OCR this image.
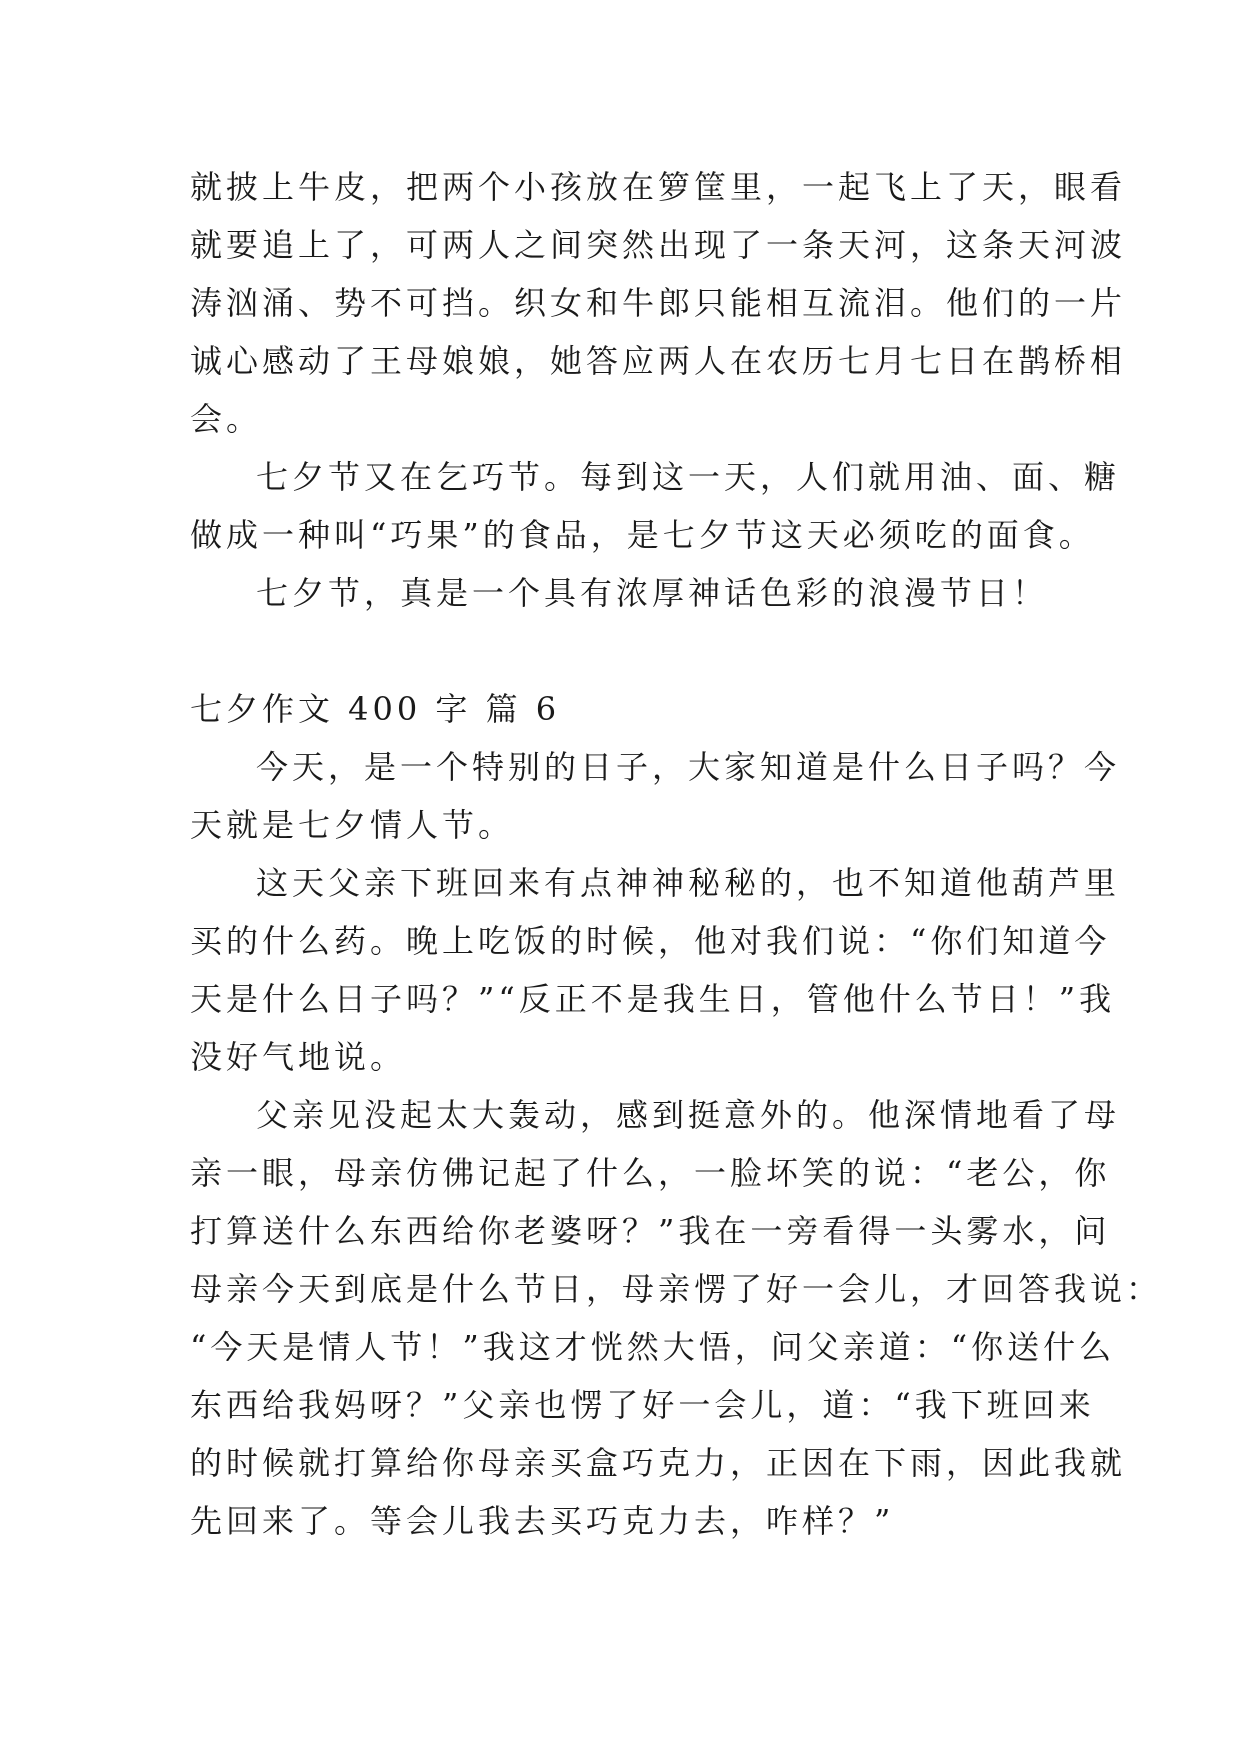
就披上牛皮，把两个小孩放在箩筐里，一起飞上了天，眼看
就要追上了，可两人之间突然出现了一条天河，这条天河波
涛汹涌、势不可挡。织女和牛郎只能相互流泪。他们的一片
诚心感动了王母娘娘，她答应两人在农历七月七日在鹊桥相
会。
七夕节又在乞巧节。每到这一天，人们就用油、面、糖
做成一种叫“巧果”的食品，是七夕节这天必须吃的面食。
七夕节，真是一个具有浓厚神话色彩的浪漫节日！
七夕作文 400 字 篇 6
今天，是一个特别的日子，大家知道是什么日子吗？今
天就是七夕情人节。
这天父亲下班回来有点神神秘秘的，也不知道他葫芦里
买的什么药。晚上吃饭的时候，他对我们说：“你们知道今
天是什么日子吗？”“反正不是我生日，管他什么节日！”我
没好气地说。
父亲见没起太大轰动，感到挺意外的。他深情地看了母
亲一眼，母亲仿佛记起了什么，一脸坏笑的说：“老公，你
打算送什么东西给你老婆呀？”我在一旁看得一头雾水，问
母亲今天到底是什么节日，母亲愣了好一会儿，才回答我说：
“今天是情人节！”我这才恍然大悟，问父亲道：“你送什么
东西给我妈呀？”父亲也愣了好一会儿，道：“我下班回来
的时候就打算给你母亲买盒巧克力，正因在下雨，因此我就
先回来了。等会儿我去买巧克力去，咋样？”
